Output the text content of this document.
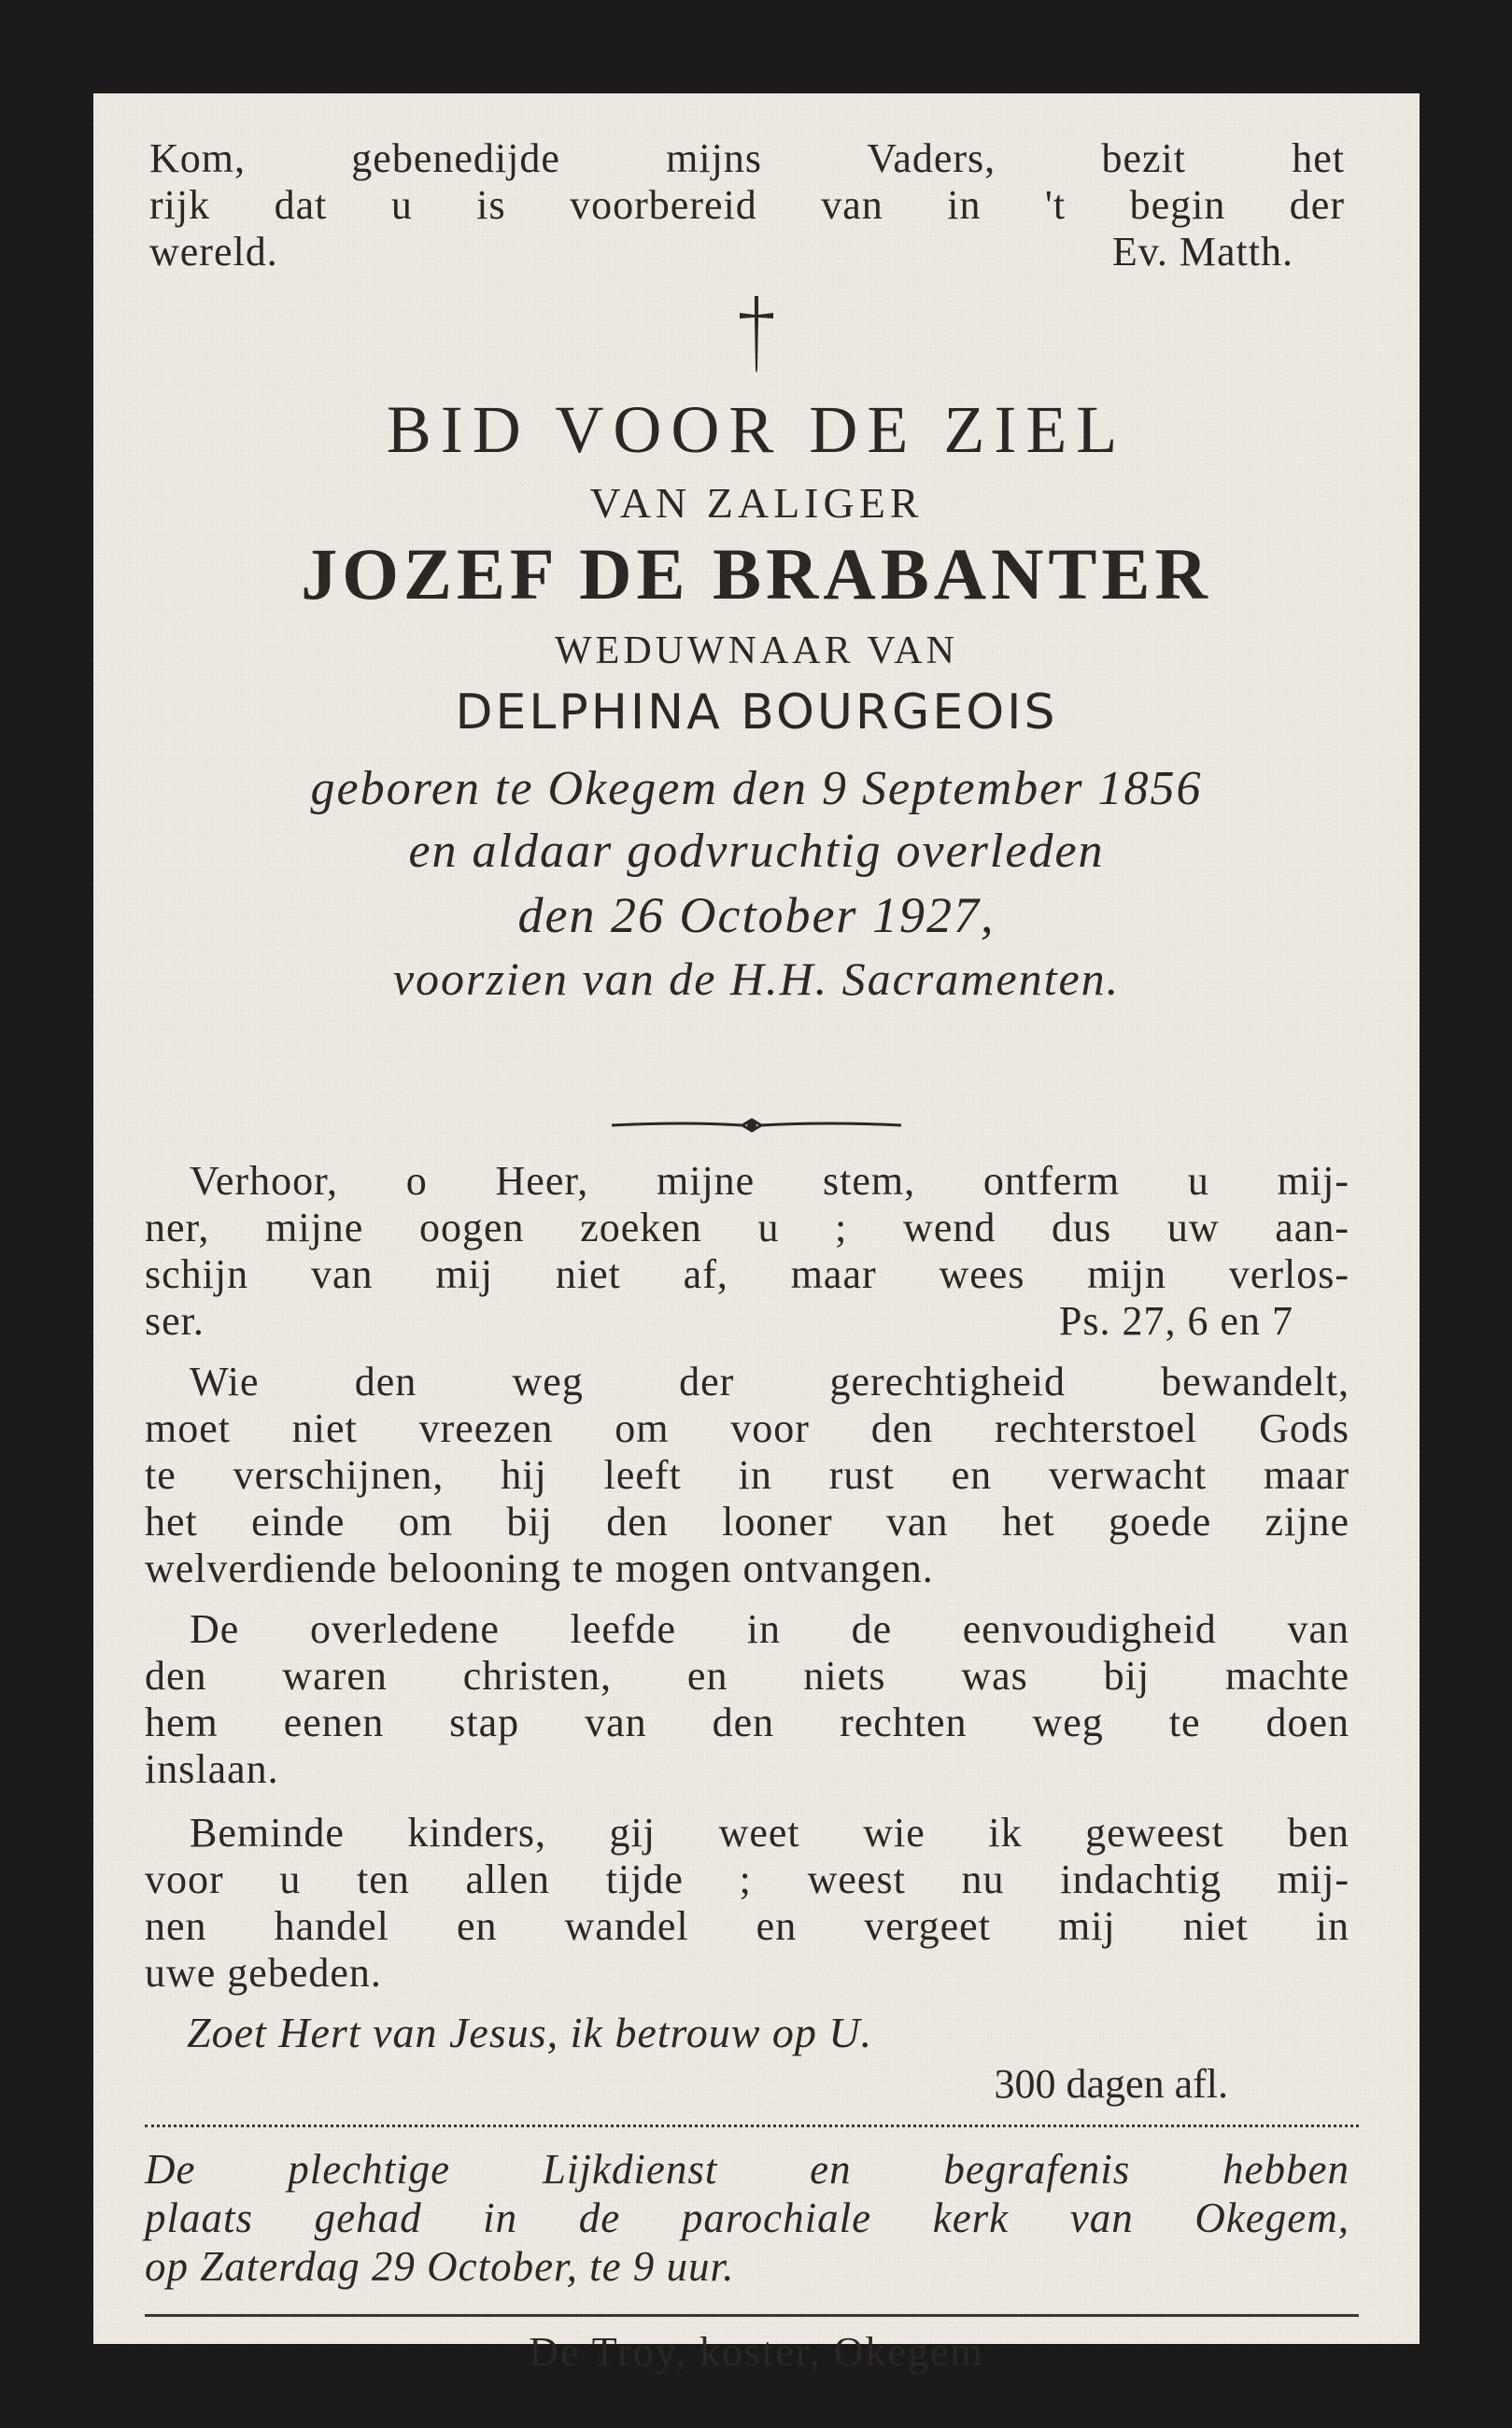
Kom, gebenedijde mijns Vaders, bezit het
rijk dat u is voorbereid van in 't begin der
wereld.	Ev. Matth.
BID VOOR DE ZIEL
VAN ZALIGER
JOZEF DE BRABANTER
WEDUWNAAR VAN
DELPHINA BOURGEOIS
geboren te Okegem den 9 September 1856
en aldaar godvruchtig overleden
den 26 October 1927,
voorzien van de H.H. Sacramenten.
Verhoor, o Heer, mijne stem, ontferm u mij-
ner, mijne oogen zoeken u ; wend dus uw aan-
schijn van mij niet af, maar wees mijn verlos-
ser.	Ps. 27, 6 en 7
Wie den weg der gerechtigheid bewandelt,
moet niet vreezen om voor den rechterstoel Gods
te verschijnen, hij leeft in rust en verwacht maar
het einde om bij den looner van het goede zijne
welverdiende belooning te mogen ontvangen.
De overledene leefde in de eenvoudigheid van
den waren christen, en niets was bij machte
hem eenen stap van den rechten weg te doen
inslaan.
Beminde kinders, gij weet wie ik geweest ben
voor u ten allen tijde ; weest nu indachtig mij-
nen handel en wandel en vergeet mij niet in
uwe gebeden.
Zoet Hert van Jesus, ik betrouw op U.
300 dagen afl.
De plechtige Lijkdienst en begrafenis hebben
plaats gehad in de parochiale kerk van Okegem,
op Zaterdag 29 October, te 9 uur.
De Troy, koster, Okegem
